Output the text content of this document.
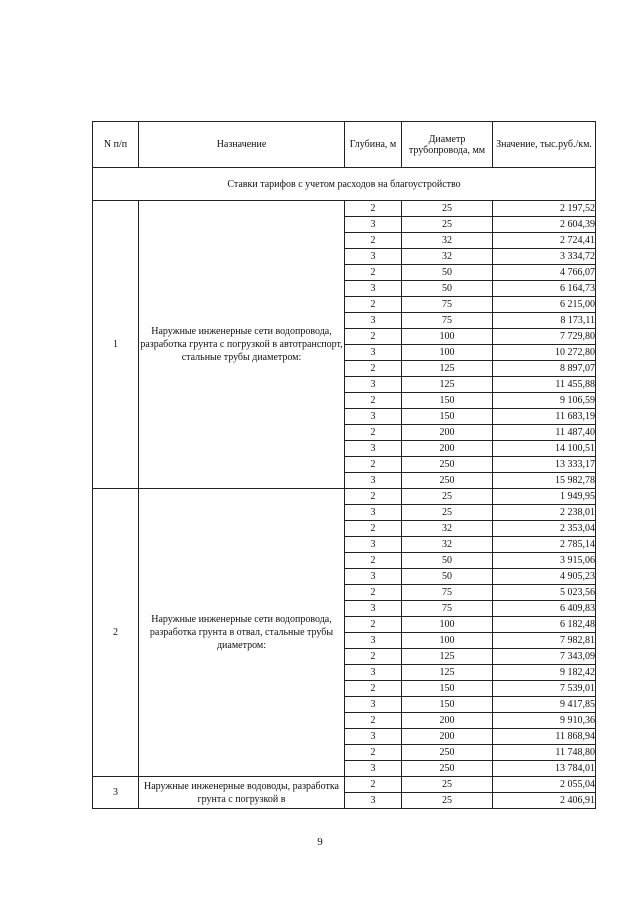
N п/п	Назначение	Глубина, м	Диаметр трубопровода, мм	Значение, тыс.руб./км.
Ставки тарифов с учетом расходов на благоустройство				
1	Наружные инженерные сети водопровода, разработка грунта с погрузкой в автотранспорт, стальные трубы диаметром:	2	25	2 197,52
		3	25	2 604,39
		2	32	2 724,41
		3	32	3 334,72
		2	50	4 766,07
		3	50	6 164,73
		2	75	6 215,00
		3	75	8 173,11
		2	100	7 729,80
		3	100	10 272,80
		2	125	8 897,07
		3	125	11 455,88
		2	150	9 106,59
		3	150	11 683,19
		2	200	11 487,40
		3	200	14 100,51
		2	250	13 333,17
		3	250	15 982,78
2	Наружные инженерные сети водопровода, разработка грунта в отвал, стальные трубы диаметром:	2	25	1 949,95
		3	25	2 238,01
		2	32	2 353,04
		3	32	2 785,14
		2	50	3 915,06
		3	50	4 905,23
		2	75	5 023,56
		3	75	6 409,83
		2	100	6 182,48
		3	100	7 982,81
		2	125	7 343,09
		3	125	9 182,42
		2	150	7 539,01
		3	150	9 417,85
		2	200	9 910,36
		3	200	11 868,94
		2	250	11 748,80
		3	250	13 784,01
3	Наружные инженерные водоводы, разработка грунта с погрузкой в	2	25	2 055,04
		3	25	2 406,91
9
